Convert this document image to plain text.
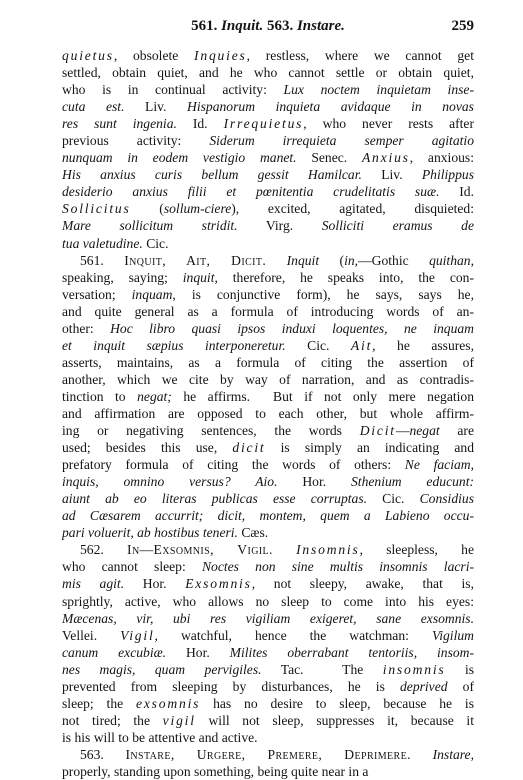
561. Inquit. 563. Instare.	259
quietus, obsolete Inquies, restless, where we cannot get
settled, obtain quiet, and he who cannot settle or obtain quiet,
who is in continual activity: Lux noctem inquietam inse-
cuta est. Liv. Hispanorum inquieta avidaque in novas
res sunt ingenia. Id. Irrequietus, who never rests after
previous activity: Siderum irrequieta semper agitatio
nunquam in eodem vestigio manet. Senec. Anxius, anxious:
His anxius curis bellum gessit Hamilcar. Liv. Philippus
desiderio anxius filii et pœnitentia crudelitatis suæ. Id.
Sollicitus (sollum-ciere), excited, agitated, disquieted:
Mare sollicitum stridit. Virg. Solliciti eramus de
tua valetudine. Cic.
561. Inquit, Ait, Dicit. Inquit (in,—Gothic quithan,
speaking, saying; inquit, therefore, he speaks into, the con-
versation; inquam, is conjunctive form), he says, says he,
and quite general as a formula of introducing words of an-
other: Hoc libro quasi ipsos induxi loquentes, ne inquam
et inquit sæpius interponeretur. Cic. Ait, he assures,
asserts, maintains, as a formula of citing the assertion of
another, which we cite by way of narration, and as contradis-
tinction to negat; he affirms.  But if not only mere negation
and affirmation are opposed to each other, but whole affirm-
ing or negativing sentences, the words Dicit—negat are
used; besides this use, dicit is simply an indicating and
prefatory formula of citing the words of others: Ne faciam,
inquis, omnino versus? Aio. Hor. Sthenium educunt:
aiunt ab eo literas publicas esse corruptas. Cic. Considius
ad Cæsarem accurrit; dicit, montem, quem a Labieno occu-
pari voluerit, ab hostibus teneri. Cæs.
562. In—Exsomnis, Vigil. Insomnis, sleepless, he
who cannot sleep: Noctes non sine multis insomnis lacri-
mis agit. Hor. Exsomnis, not sleepy, awake, that is,
sprightly, active, who allows no sleep to come into his eyes:
Mæcenas, vir, ubi res vigiliam exigeret, sane exsomnis.
Vellei. Vigil, watchful, hence the watchman: Vigilum
canum excubiæ. Hor. Milites oberrabant tentoriis, insom-
nes magis, quam pervigiles. Tac.  The insomnis is
prevented from sleeping by disturbances, he is deprived of
sleep; the exsomnis has no desire to sleep, because he is
not tired; the vigil will not sleep, suppresses it, because it
is his will to be attentive and active.
563. Instare, Urgere, Premere, Deprimere. Instare,
properly, standing upon something, being quite near in a
